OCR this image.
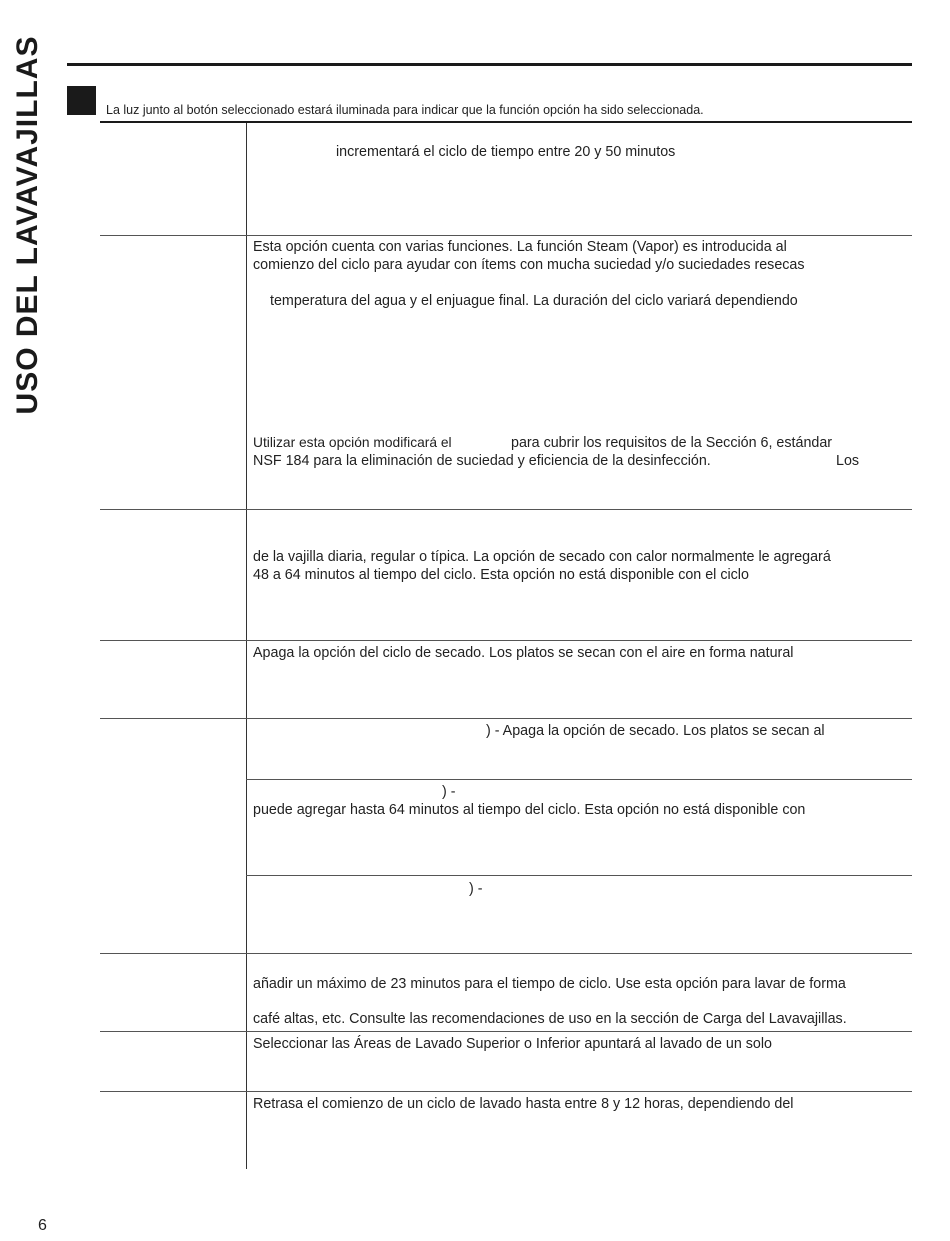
USO DEL LAVAVAJILLAS	La luz junto al botón seleccionado estará iluminada para indicar que la función opción ha sido seleccionada.
incrementará el ciclo de tiempo entre 20 y 50 minutos
Esta opción cuenta con varias funciones. La función Steam (Vapor) es introducida al
comienzo del ciclo para ayudar con ítems con mucha suciedad y/o suciedades resecas
temperatura del agua y el enjuague final. La duración del ciclo variará dependiendo
Utilizar esta opción modificará el	para cubrir los requisitos de la Sección 6, estándar
NSF 184 para la eliminación de suciedad y eficiencia de la desinfección.	Los
de la vajilla diaria, regular o típica. La opción de secado con calor normalmente le agregará
48 a 64 minutos al tiempo del ciclo. Esta opción no está disponible con el ciclo
Apaga la opción del ciclo de secado. Los platos se secan con el aire en forma natural
) - Apaga la opción de secado. Los platos se secan al
) -
puede agregar hasta 64 minutos al tiempo del ciclo. Esta opción no está disponible con
) -
añadir un máximo de 23 minutos para el tiempo de ciclo. Use esta opción para lavar de forma
café altas, etc. Consulte las recomendaciones de uso en la sección de Carga del Lavavajillas.
Seleccionar las Áreas de Lavado Superior o Inferior apuntará al lavado de un solo
Retrasa el comienzo de un ciclo de lavado hasta entre 8 y 12 horas, dependiendo del
6
